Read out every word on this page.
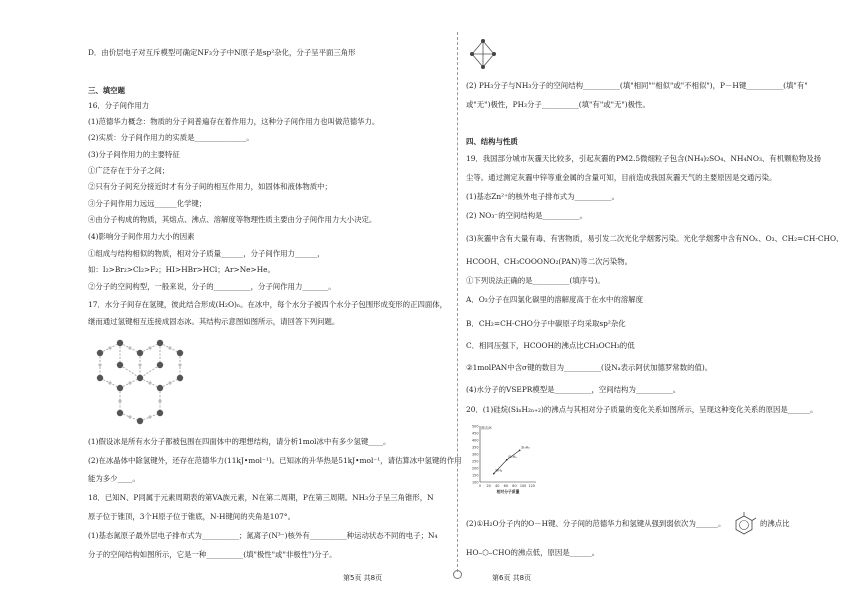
D．由价层电子对互斥模型可确定NF₃分子中N原子是sp²杂化，分子呈平面三角形
三、填空题
16．分子间作用力
(1)范德华力概念：物质的分子间普遍存在着作用力，这种分子间作用力也叫做范德华力。
(2)实质：分子间作用力的实质是______________。
(3)分子间作用力的主要特征
①广泛存在于分子之间；
②只有分子间充分接近时才有分子间的相互作用力，如固体和液体物质中；
③分子间作用力远远______化学键；
④由分子构成的物质，其熔点、沸点、溶解度等物理性质主要由分子间作用力大小决定。
(4)影响分子间作用力大小的因素
①组成与结构相似的物质，相对分子质量______，分子间作用力______，
如：I₂>Br₂>Cl₂>F₂；HI>HBr>HCl；Ar>Ne>He。
②分子的空间构型，一般来说，分子的__________，分子间作用力_______。
17．水分子间存在氢键，彼此结合形成(H₂O)ₙ。在冰中，每个水分子被四个水分子包围形成变形的正四面体，
继而通过氢键相互连接成固态冰。其结构示意图如图所示，请回答下列问题。
(1)假设冰是所有水分子都被包围在四面体中的理想结构，请分析1mol冰中有多少氢键____。
(2)在冰晶体中除氢键外，还存在范德华力(11kJ•mol⁻¹)。已知冰的升华热是51kJ•mol⁻¹，请估算冰中氢键的作用
能为多少____。
18．已知N、P同属于元素周期表的第VA族元素，N在第二周期，P在第三周期。NH₃分子呈三角锥形，N
原子位于锥顶，3个H原子位于锥底，N-H键间的夹角是107°。
(1)基态氮原子最外层电子排布式为__________；氮离子(N³⁻)核外有__________种运动状态不同的电子；N₄
分子的空间结构如图所示，它是一种__________(填"极性"或"非极性")分子。
第5页 共8页
(2) PH₃分子与NH₃分子的空间结构__________(填"相同""相似"或"不相似")，P－H键__________(填"有"
或"无")极性，PH₃分子__________(填"有"或"无")极性。
四、结构与性质
19．我国部分城市灰霾天比较多，引起灰霾的PM2.5微细粒子包含(NH₄)₂SO₄、NH₄NO₃、有机颗粒物及扬
尘等。通过测定灰霾中锌等重金属的含量可知，目前造成我国灰霾天气的主要原因是交通污染。
(1)基态Zn²⁺的核外电子排布式为__________。
(2) NO₃⁻的空间结构是__________。
(3)灰霾中含有大量有毒、有害物质，易引发二次光化学烟雾污染。光化学烟雾中含有NOₓ、O₃、CH₂=CH-CHO、
HCOOH、CH₃COOONO₂(PAN)等二次污染物。
①下列说法正确的是__________(填序号)。
A．O₃分子在四氯化碳里的溶解度高于在水中的溶解度
B．CH₂=CH-CHO分子中碳原子均采取sp²杂化
C．相同压强下，HCOOH的沸点比CH₃OCH₃的低
②1molPAN中含σ键的数目为__________(设Nₐ表示阿伏加德罗常数的值)。
(4)水分子的VSEPR模型是__________，空间结构为__________。
20．(1)硅烷(SiₙH₂ₙ₊₂)的沸点与其相对分子质量的变化关系如图所示，呈现这种变化关系的原因是______。
100
150
200
250
300
350
400
450
500
0 20 40 60 80 100 120
沸点/K
相对分子质量
SiH₄
Si₂H₆
Si₃H₈
(2)①H₂O分子内的O－H键、分子间的范德华力和氢键从强到弱依次为______。	的沸点比
HO–⬡–CHO的沸点低，原因是______。
第6页 共8页
